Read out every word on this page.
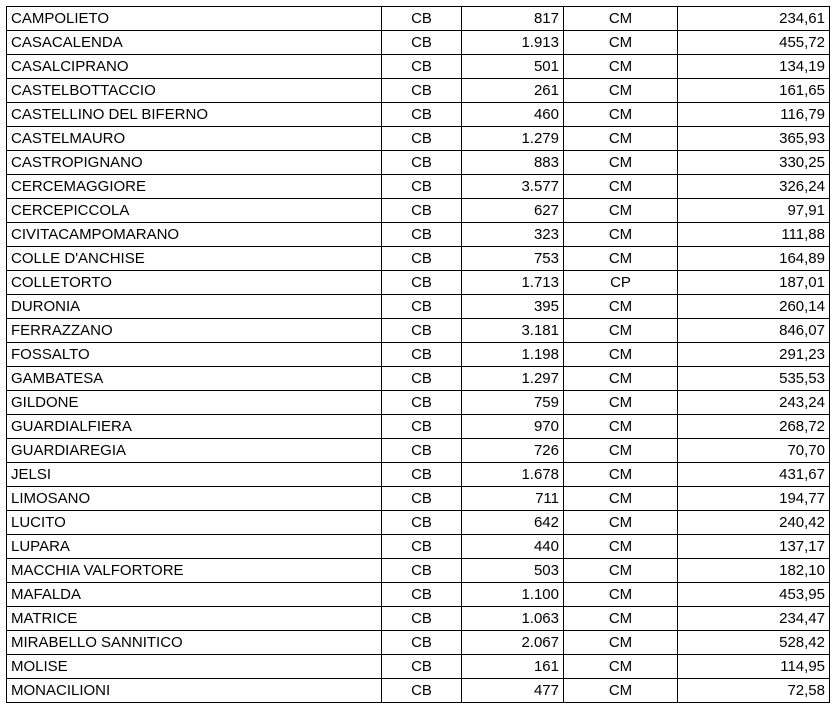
CAMPOLIETO	CB	817	CM	234,61
CASACALENDA	CB	1.913	CM	455,72
CASALCIPRANO	CB	501	CM	134,19
CASTELBOTTACCIO	CB	261	CM	161,65
CASTELLINO DEL BIFERNO	CB	460	CM	116,79
CASTELMAURO	CB	1.279	CM	365,93
CASTROPIGNANO	CB	883	CM	330,25
CERCEMAGGIORE	CB	3.577	CM	326,24
CERCEPICCOLA	CB	627	CM	97,91
CIVITACAMPOMARANO	CB	323	CM	111,88
COLLE D'ANCHISE	CB	753	CM	164,89
COLLETORTO	CB	1.713	CP	187,01
DURONIA	CB	395	CM	260,14
FERRAZZANO	CB	3.181	CM	846,07
FOSSALTO	CB	1.198	CM	291,23
GAMBATESA	CB	1.297	CM	535,53
GILDONE	CB	759	CM	243,24
GUARDIALFIERA	CB	970	CM	268,72
GUARDIAREGIA	CB	726	CM	70,70
JELSI	CB	1.678	CM	431,67
LIMOSANO	CB	711	CM	194,77
LUCITO	CB	642	CM	240,42
LUPARA	CB	440	CM	137,17
MACCHIA VALFORTORE	CB	503	CM	182,10
MAFALDA	CB	1.100	CM	453,95
MATRICE	CB	1.063	CM	234,47
MIRABELLO SANNITICO	CB	2.067	CM	528,42
MOLISE	CB	161	CM	114,95
MONACILIONI	CB	477	CM	72,58
